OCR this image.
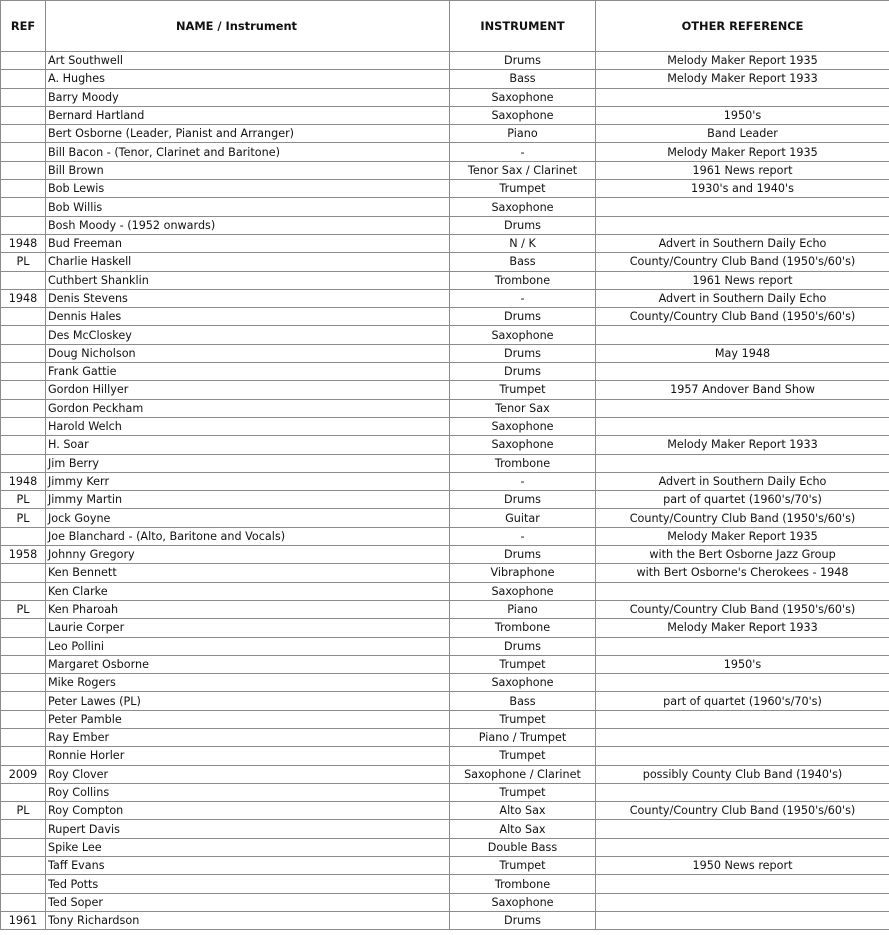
REF	NAME / Instrument	INSTRUMENT	OTHER REFERENCE
	Art Southwell	Drums	Melody Maker Report 1935
	A. Hughes	Bass	Melody Maker Report 1933
	Barry Moody	Saxophone	
	Bernard Hartland	Saxophone	1950's
	Bert Osborne (Leader, Pianist and Arranger)	Piano	Band Leader
	Bill Bacon - (Tenor, Clarinet and Baritone)	-	Melody Maker Report 1935
	Bill Brown	Tenor Sax / Clarinet	1961 News report
	Bob Lewis	Trumpet	1930's and 1940's
	Bob Willis	Saxophone	
	Bosh Moody - (1952 onwards)	Drums	
1948	Bud Freeman	N / K	Advert in Southern Daily Echo
PL	Charlie Haskell	Bass	County/Country Club Band (1950's/60's)
	Cuthbert Shanklin	Trombone	1961 News report
1948	Denis Stevens	-	Advert in Southern Daily Echo
	Dennis Hales	Drums	County/Country Club Band (1950's/60's)
	Des McCloskey	Saxophone	
	Doug Nicholson	Drums	May 1948
	Frank Gattie	Drums	
	Gordon Hillyer	Trumpet	1957 Andover Band Show
	Gordon Peckham	Tenor Sax	
	Harold Welch	Saxophone	
	H. Soar	Saxophone	Melody Maker Report 1933
	Jim Berry	Trombone	
1948	Jimmy Kerr	-	Advert in Southern Daily Echo
PL	Jimmy Martin	Drums	part of quartet (1960's/70's)
PL	Jock Goyne	Guitar	County/Country Club Band (1950's/60's)
	Joe Blanchard - (Alto, Baritone and Vocals)	-	Melody Maker Report 1935
1958	Johnny Gregory	Drums	with the Bert Osborne Jazz Group
	Ken Bennett	Vibraphone	with Bert Osborne's Cherokees - 1948
	Ken Clarke	Saxophone	
PL	Ken Pharoah	Piano	County/Country Club Band (1950's/60's)
	Laurie Corper	Trombone	Melody Maker Report 1933
	Leo Pollini	Drums	
	Margaret Osborne	Trumpet	1950's
	Mike Rogers	Saxophone	
	Peter Lawes (PL)	Bass	part of quartet (1960's/70's)
	Peter Pamble	Trumpet	
	Ray Ember	Piano / Trumpet	
	Ronnie Horler	Trumpet	
2009	Roy Clover	Saxophone / Clarinet	possibly County Club Band (1940's)
	Roy Collins	Trumpet	
PL	Roy Compton	Alto Sax	County/Country Club Band (1950's/60's)
	Rupert Davis	Alto Sax	
	Spike Lee	Double Bass	
	Taff Evans	Trumpet	1950 News report
	Ted Potts	Trombone	
	Ted Soper	Saxophone	
1961	Tony Richardson	Drums	
